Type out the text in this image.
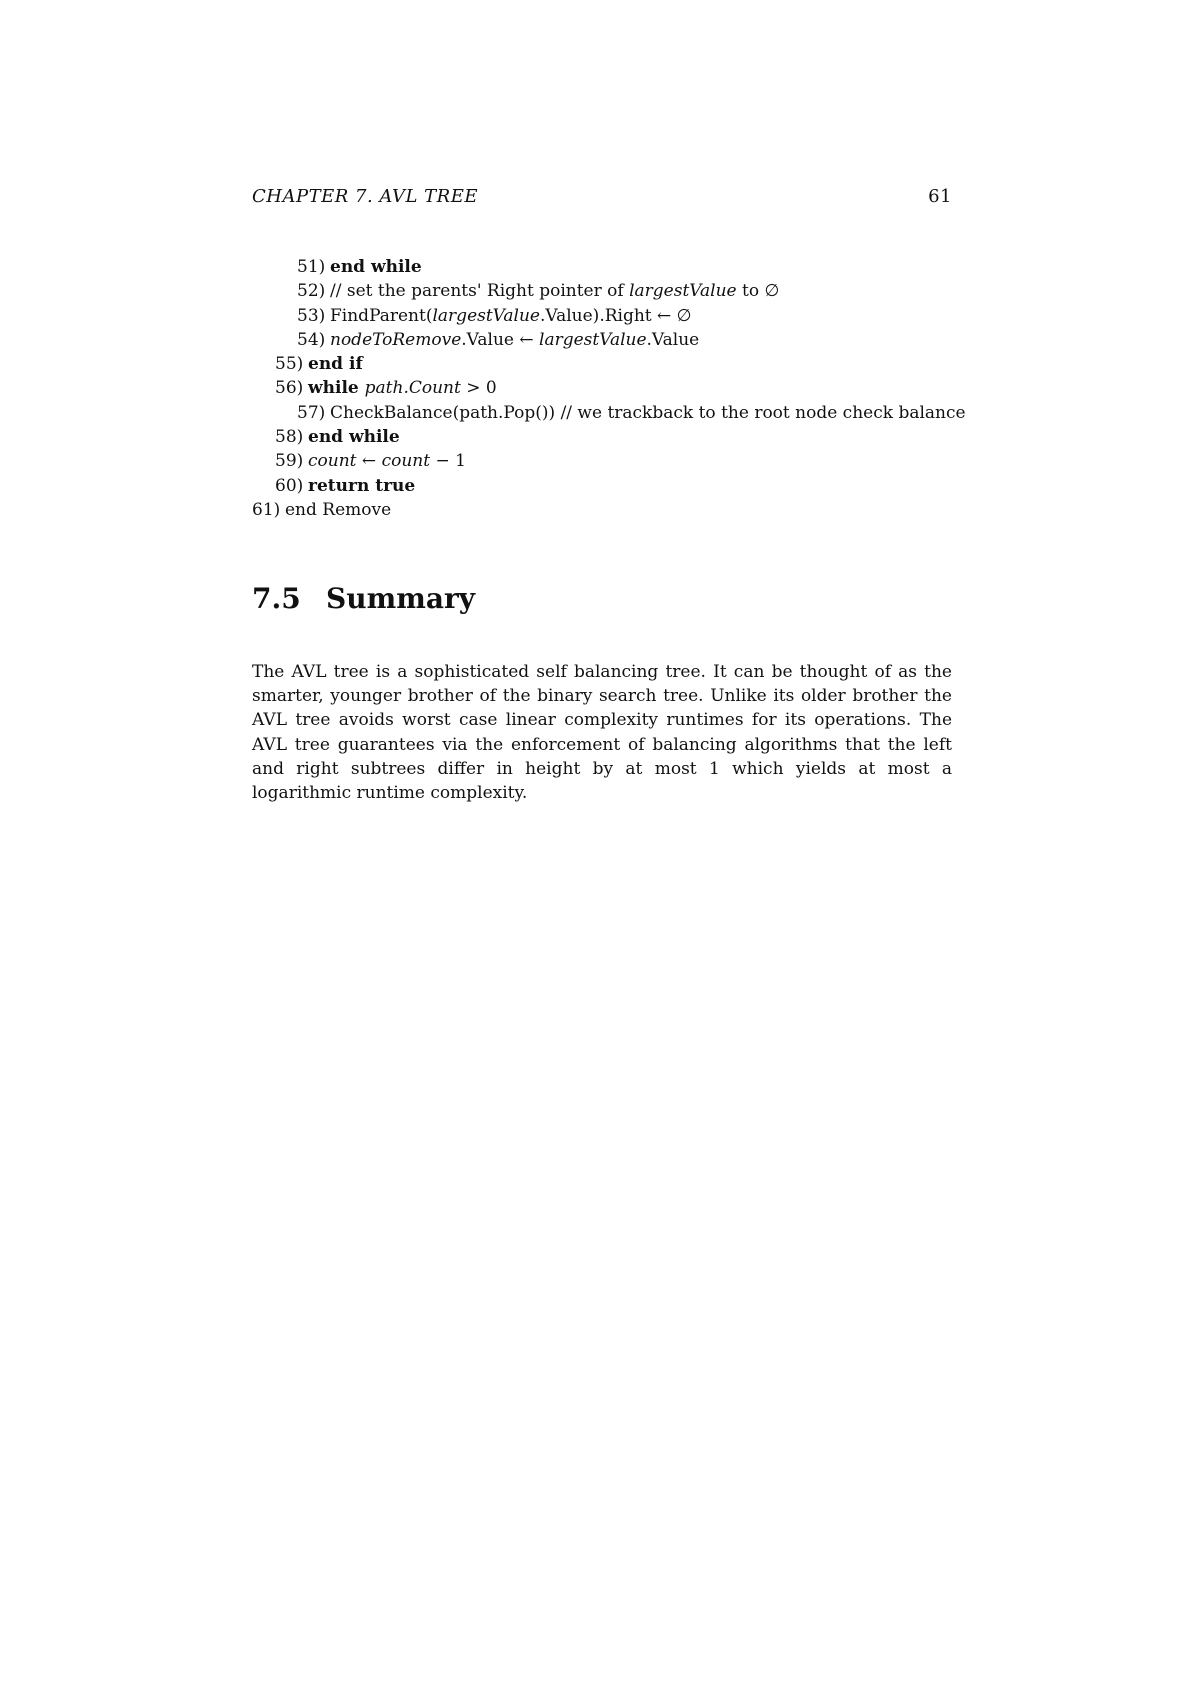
CHAPTER 7. AVL TREE	61
51) end while
52) // set the parents' Right pointer of largestValue to ∅
53) FindParent(largestValue.Value).Right ← ∅
54) nodeToRemove.Value ← largestValue.Value
55) end if
56) while path.Count > 0
57) CheckBalance(path.Pop()) // we trackback to the root node check balance
58) end while
59) count ← count − 1
60) return true
61) end Remove
7.5 Summary

The AVL tree is a sophisticated self balancing tree. It can be thought of as the smarter, younger brother of the binary search tree. Unlike its older brother the AVL tree avoids worst case linear complexity runtimes for its operations. The AVL tree guarantees via the enforcement of balancing algorithms that the left and right subtrees differ in height by at most 1 which yields at most a logarithmic runtime complexity.
